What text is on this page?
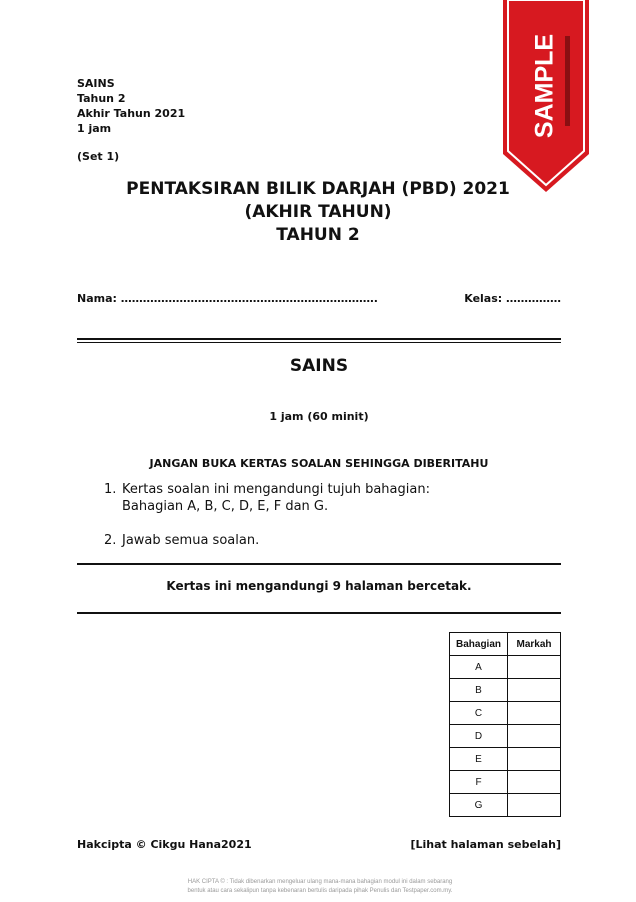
SAINS
Tahun 2
Akhir Tahun 2021
1 jam
(Set 1)
SAMPLE
PENTAKSIRAN BILIK DARJAH (PBD) 2021
(AKHIR TAHUN)
TAHUN 2
Nama: …………………………………………………………….	Kelas: ……………
SAINS
1 jam (60 minit)
JANGAN BUKA KERTAS SOALAN SEHINGGA DIBERITAHU
1. Kertas soalan ini mengandungi tujuh bahagian:
Bahagian A, B, C, D, E, F dan G.
2. Jawab semua soalan.
Kertas ini mengandungi 9 halaman bercetak.
Bahagian	Markah
A	
B	
C	
D	
E	
F	
G	
Hakcipta © Cikgu Hana2021	[Lihat halaman sebelah]
HAK CIPTA © : Tidak dibenarkan mengeluar ulang mana-mana bahagian modul ini dalam sebarang
bentuk atau cara sekalipun tanpa kebenaran bertulis daripada pihak Penulis dan Testpaper.com.my.
